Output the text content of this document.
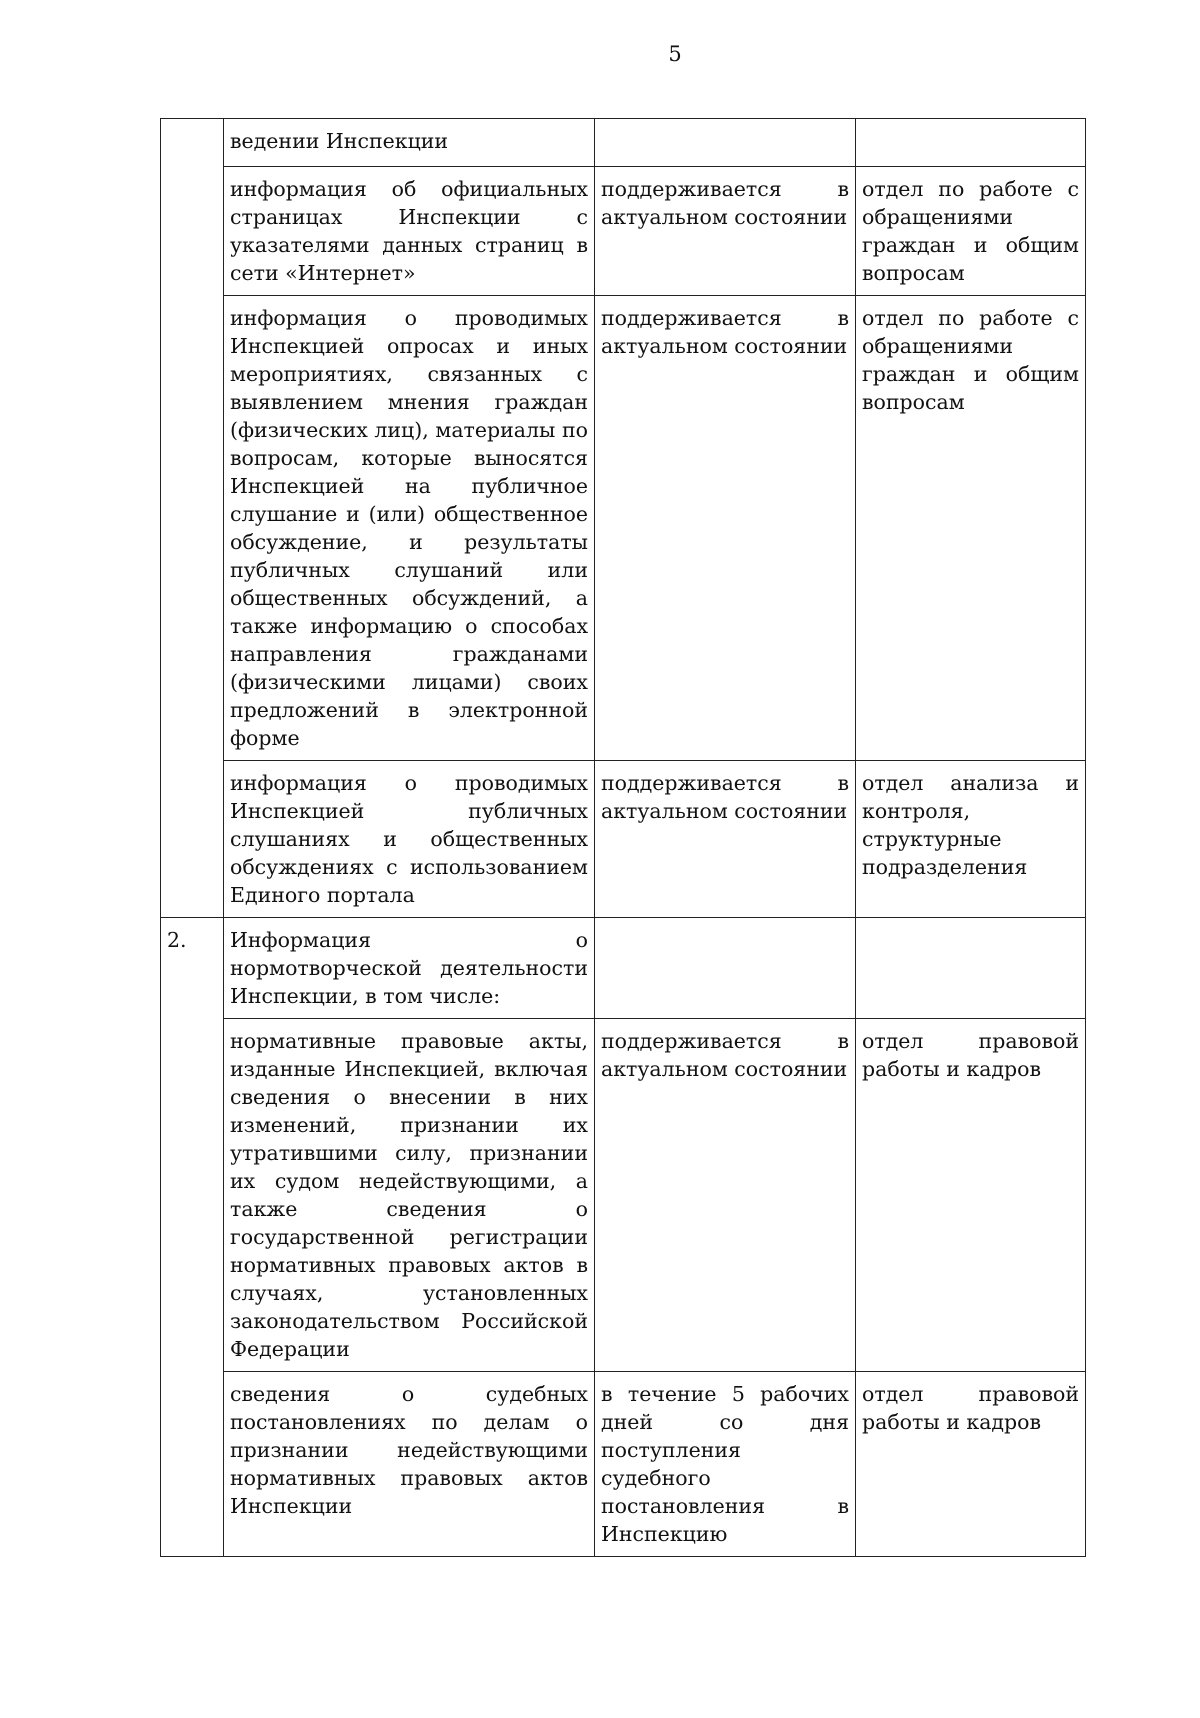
5
	ведении Инспекции		
	информация об официальных страницах Инспекции с указателями данных страниц в сети «Интернет»	поддерживается в актуальном состоянии	отдел по работе с обращениями граждан и общим вопросам
	информация о проводимых Инспекцией опросах и иных мероприятиях, связанных с выявлением мнения граждан (физических лиц), материалы по вопросам, которые выносятся Инспекцией на публичное слушание и (или) общественное обсуждение, и результаты публичных слушаний или общественных обсуждений, а также информацию о способах направления гражданами (физическими лицами) своих предложений в электронной форме	поддерживается в актуальном состоянии	отдел по работе с обращениями граждан и общим вопросам
	информация о проводимых Инспекцией публичных слушаниях и общественных обсуждениях с использованием Единого портала	поддерживается в актуальном состоянии	отдел анализа и контроля, структурные подразделения
2.	Информация о нормотворческой деятельности Инспекции, в том числе:		
	нормативные правовые акты, изданные Инспекцией, включая сведения о внесении в них изменений, признании их утратившими силу, признании их судом недействующими, а также сведения о государственной регистрации нормативных правовых актов в случаях, установленных законодательством Российской Федерации	поддерживается в актуальном состоянии	отдел правовой работы и кадров
	сведения о судебных постановлениях по делам о признании недействующими нормативных правовых актов Инспекции	в течение 5 рабочих дней со дня поступления судебного постановления в Инспекцию	отдел правовой работы и кадров
